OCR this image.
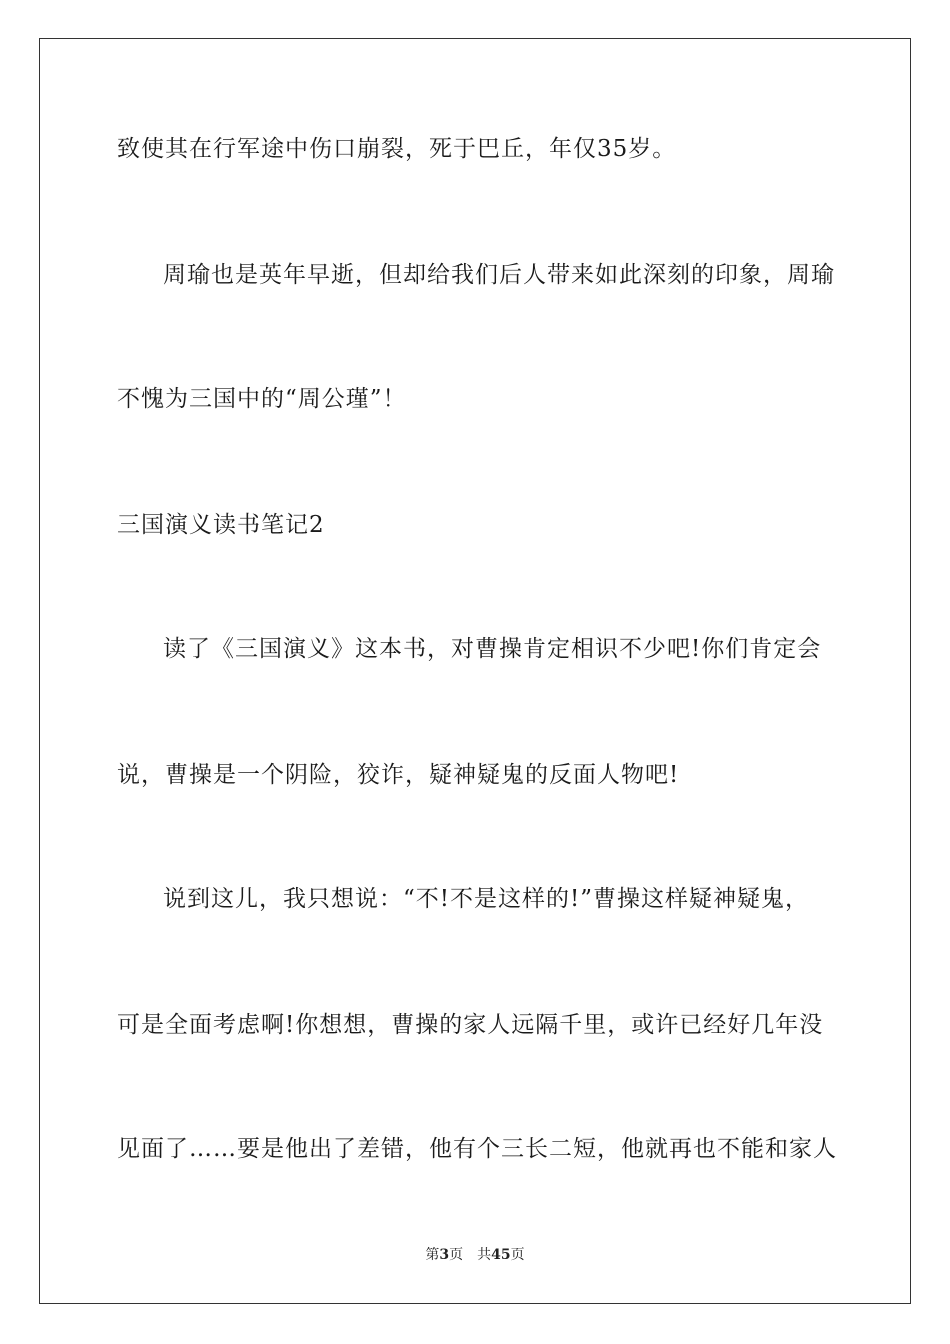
致使其在行军途中伤口崩裂，死于巴丘，年仅35岁。
周瑜也是英年早逝，但却给我们后人带来如此深刻的印象，周瑜
不愧为三国中的“周公瑾”！
三国演义读书笔记2
读了《三国演义》这本书，对曹操肯定相识不少吧!你们肯定会
说，曹操是一个阴险，狡诈，疑神疑鬼的反面人物吧!
说到这儿，我只想说：“不!不是这样的!”曹操这样疑神疑鬼，
可是全面考虑啊!你想想，曹操的家人远隔千里，或许已经好几年没
见面了……要是他出了差错，他有个三长二短，他就再也不能和家人
第3页 共45页
